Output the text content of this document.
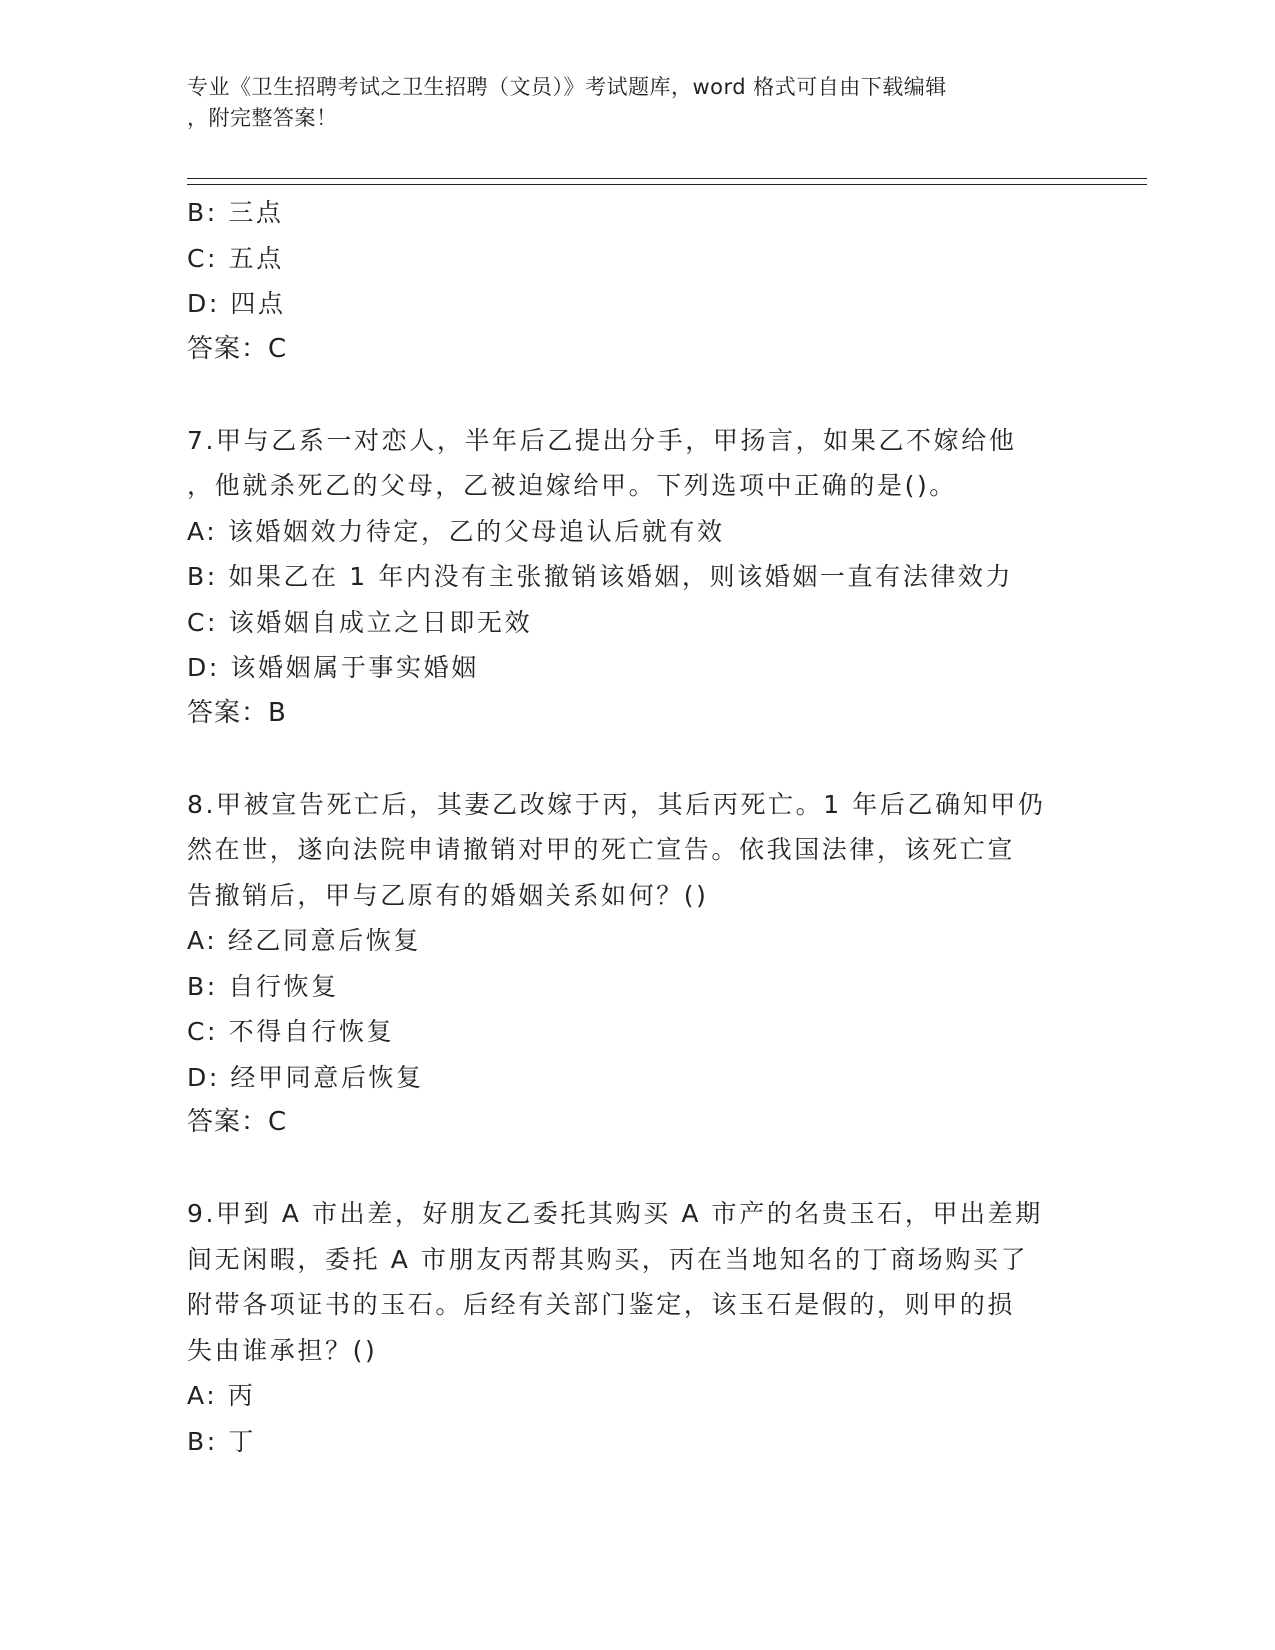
专业《卫生招聘考试之卫生招聘（文员）》考试题库，word 格式可自由下载编辑
，附完整答案！
B: 三点
C: 五点
D: 四点
答案：C
7.甲与乙系一对恋人，半年后乙提出分手，甲扬言，如果乙不嫁给他
，他就杀死乙的父母，乙被迫嫁给甲。下列选项中正确的是()。
A: 该婚姻效力待定，乙的父母追认后就有效
B: 如果乙在 1 年内没有主张撤销该婚姻，则该婚姻一直有法律效力
C: 该婚姻自成立之日即无效
D: 该婚姻属于事实婚姻
答案：B
8.甲被宣告死亡后，其妻乙改嫁于丙，其后丙死亡。1 年后乙确知甲仍
然在世，遂向法院申请撤销对甲的死亡宣告。依我国法律，该死亡宣
告撤销后，甲与乙原有的婚姻关系如何？()
A: 经乙同意后恢复
B: 自行恢复
C: 不得自行恢复
D: 经甲同意后恢复
答案：C
9.甲到 A 市出差，好朋友乙委托其购买 A 市产的名贵玉石，甲出差期
间无闲暇，委托 A 市朋友丙帮其购买，丙在当地知名的丁商场购买了
附带各项证书的玉石。后经有关部门鉴定，该玉石是假的，则甲的损
失由谁承担？()
A: 丙
B: 丁
